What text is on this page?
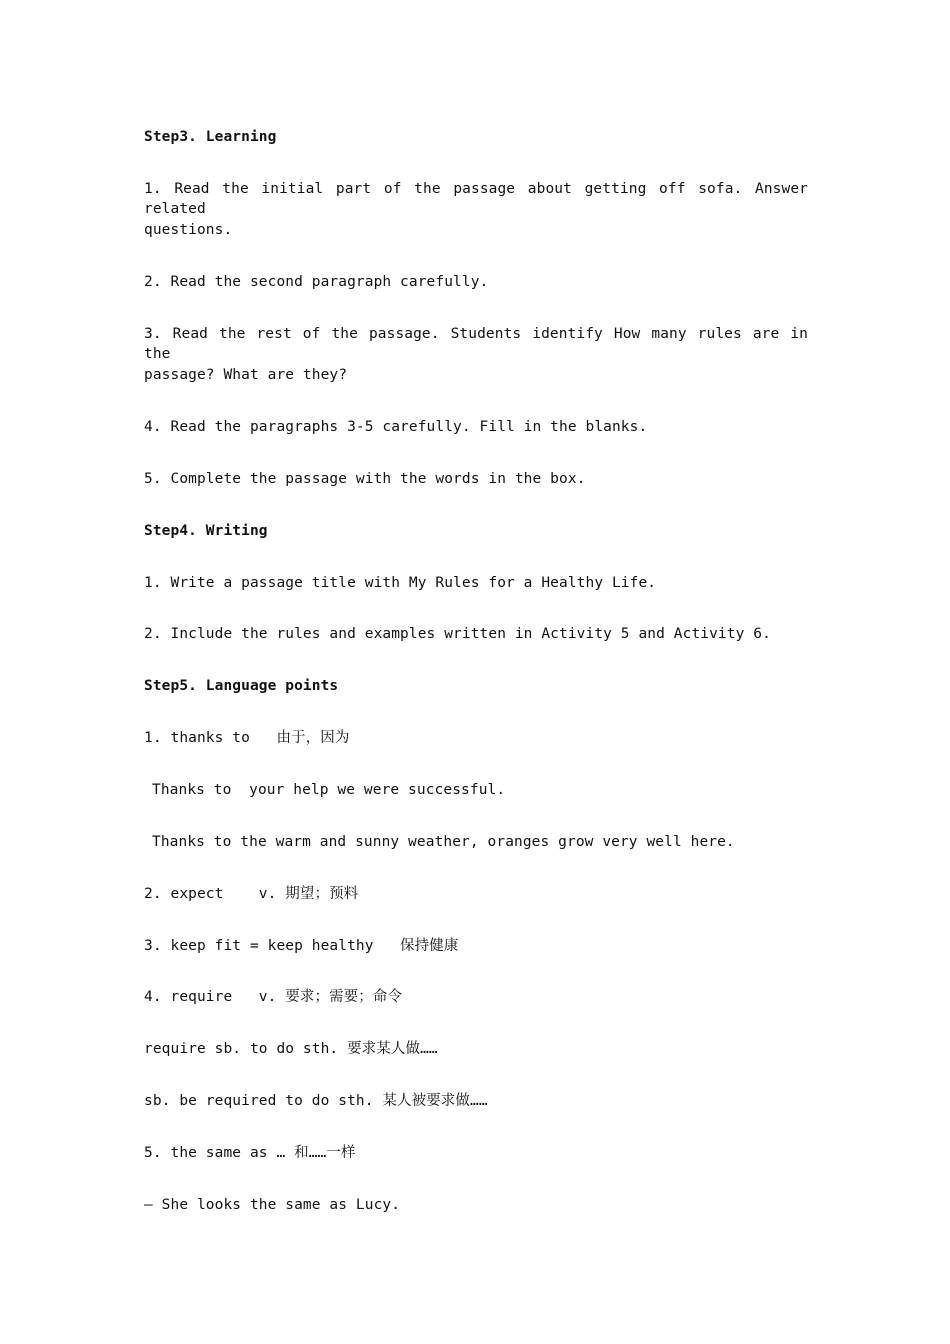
Step3. Learning
1. Read the initial part of the passage about getting off sofa. Answer related
questions.
2. Read the second paragraph carefully.
3. Read the rest of the passage. Students identify How many rules are in the
passage? What are they?
4. Read the paragraphs 3-5 carefully. Fill in the blanks.
5. Complete the passage with the words in the box.
Step4. Writing
1. Write a passage title with My Rules for a Healthy Life.
2. Include the rules and examples written in Activity 5 and Activity 6.
Step5. Language points
1. thanks to   由于，因为
Thanks to  your help we were successful.
Thanks to the warm and sunny weather, oranges grow very well here.
2. expect    v. 期望；预料
3. keep fit = keep healthy   保持健康
4. require   v. 要求；需要；命令
require sb. to do sth. 要求某人做……
sb. be required to do sth. 某人被要求做……
5. the same as … 和……一样
— She looks the same as Lucy.
